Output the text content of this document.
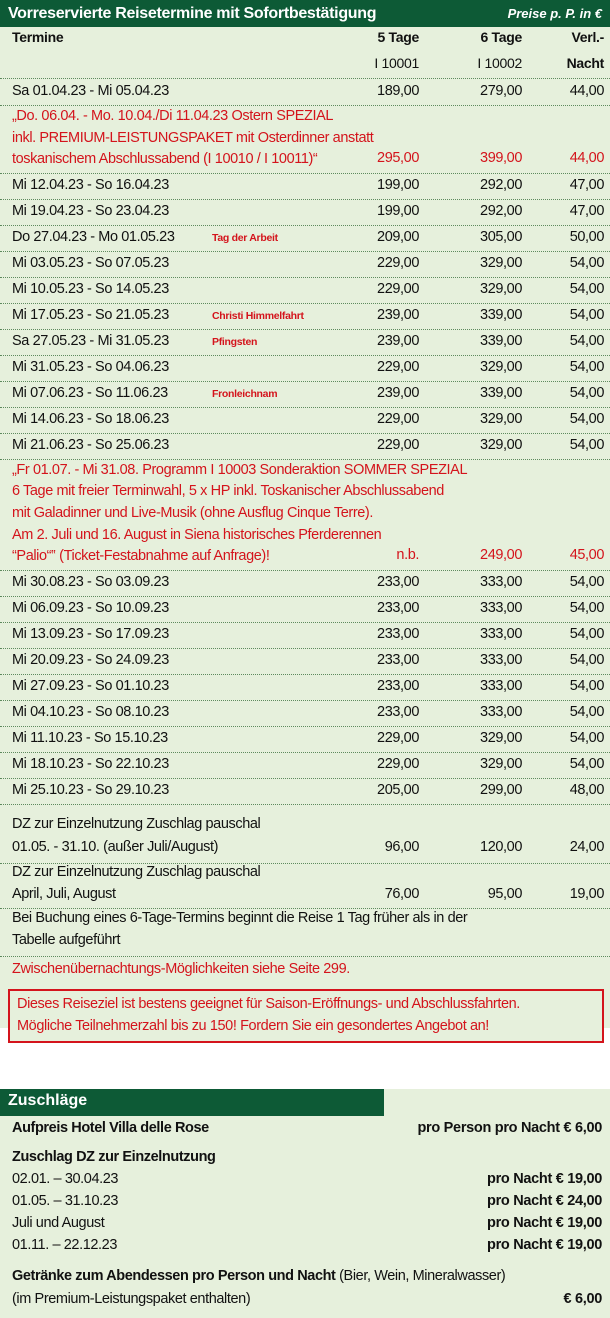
Vorreservierte Reisetermine mit Sofortbestätigung	Preise p. P. in €
Termine	5 Tage	6 Tage	Verl.-
I 10001	I 10002	Nacht
Sa 01.04.23 - Mi 05.04.23	189,00	279,00	44,00
„Do. 06.04. - Mo. 10.04./Di 11.04.23 Ostern SPEZIAL
inkl. PREMIUM-LEISTUNGSPAKET mit Osterdinner anstatt
toskanischem Abschlussabend (I 10010 / I 10011)“	295,00	399,00	44,00
Mi 12.04.23 - So 16.04.23	199,00	292,00	47,00
Mi 19.04.23 - So 23.04.23	199,00	292,00	47,00
Do 27.04.23 - Mo 01.05.23	Tag der Arbeit	209,00	305,00	50,00
Mi 03.05.23 - So 07.05.23	229,00	329,00	54,00
Mi 10.05.23 - So 14.05.23	229,00	329,00	54,00
Mi 17.05.23 - So 21.05.23	Christi Himmelfahrt	239,00	339,00	54,00
Sa 27.05.23 - Mi 31.05.23	Pfingsten	239,00	339,00	54,00
Mi 31.05.23 - So 04.06.23	229,00	329,00	54,00
Mi 07.06.23 - So 11.06.23	Fronleichnam	239,00	339,00	54,00
Mi 14.06.23 - So 18.06.23	229,00	329,00	54,00
Mi 21.06.23 - So 25.06.23	229,00	329,00	54,00
„Fr 01.07. - Mi 31.08. Programm I 10003 Sonderaktion SOMMER SPEZIAL
6 Tage mit freier Terminwahl, 5 x HP inkl. Toskanischer Abschlussabend
mit Galadinner und Live-Musik (ohne Ausflug Cinque Terre).
Am 2. Juli und 16. August in Siena historisches Pferderennen
“Palio“‟ (Ticket-Festabnahme auf Anfrage)!	n.b.	249,00	45,00
Mi 30.08.23 - So 03.09.23	233,00	333,00	54,00
Mi 06.09.23 - So 10.09.23	233,00	333,00	54,00
Mi 13.09.23 - So 17.09.23	233,00	333,00	54,00
Mi 20.09.23 - So 24.09.23	233,00	333,00	54,00
Mi 27.09.23 - So 01.10.23	233,00	333,00	54,00
Mi 04.10.23 - So 08.10.23	233,00	333,00	54,00
Mi 11.10.23 - So 15.10.23	229,00	329,00	54,00
Mi 18.10.23 - So 22.10.23	229,00	329,00	54,00
Mi 25.10.23 - So 29.10.23	205,00	299,00	48,00
DZ zur Einzelnutzung Zuschlag pauschal
01.05. - 31.10. (außer Juli/August)	96,00	120,00	24,00
DZ zur Einzelnutzung Zuschlag pauschal
April, Juli, August	76,00	95,00	19,00
Bei Buchung eines 6-Tage-Termins beginnt die Reise 1 Tag früher als in der
Tabelle aufgeführt
Zwischenübernachtungs-Möglichkeiten siehe Seite 299.
Dieses Reiseziel ist bestens geeignet für Saison-Eröffnungs- und Abschlussfahrten.
Mögliche Teilnehmerzahl bis zu 150! Fordern Sie ein gesondertes Angebot an!
Zuschläge
Aufpreis Hotel Villa delle Rose	pro Person pro Nacht € 6,00
Zuschlag DZ zur Einzelnutzung
02.01. – 30.04.23	pro Nacht € 19,00
01.05. – 31.10.23	pro Nacht € 24,00
Juli und August	pro Nacht € 19,00
01.11. – 22.12.23	pro Nacht € 19,00
Getränke zum Abendessen pro Person und Nacht (Bier, Wein, Mineralwasser)
(im Premium-Leistungspaket enthalten)	€ 6,00
